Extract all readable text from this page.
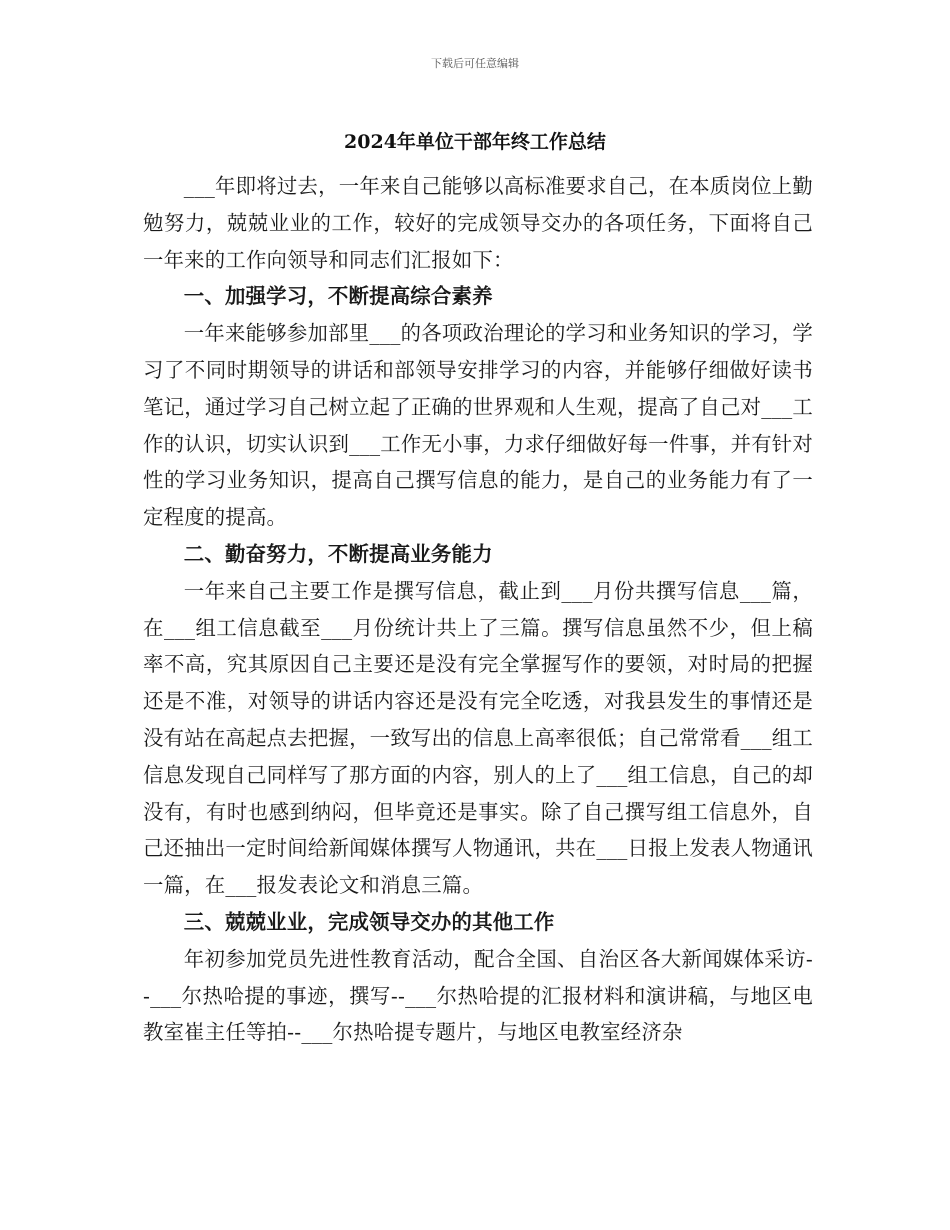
下载后可任意编辑
2024年单位干部年终工作总结

___年即将过去，一年来自己能够以高标准要求自己，在本质岗位上勤勉努力，兢兢业业的工作，较好的完成领导交办的各项任务，下面将自己一年来的工作向领导和同志们汇报如下：

一、加强学习，不断提高综合素养

一年来能够参加部里___的各项政治理论的学习和业务知识的学习，学习了不同时期领导的讲话和部领导安排学习的内容，并能够仔细做好读书笔记，通过学习自己树立起了正确的世界观和人生观，提高了自己对___工作的认识，切实认识到___工作无小事，力求仔细做好每一件事，并有针对性的学习业务知识，提高自己撰写信息的能力，是自己的业务能力有了一定程度的提高。

二、勤奋努力，不断提高业务能力

一年来自己主要工作是撰写信息，截止到___月份共撰写信息___篇，在___组工信息截至___月份统计共上了三篇。撰写信息虽然不少，但上稿率不高，究其原因自己主要还是没有完全掌握写作的要领，对时局的把握还是不准，对领导的讲话内容还是没有完全吃透，对我县发生的事情还是没有站在高起点去把握，一致写出的信息上高率很低；自己常常看___组工信息发现自己同样写了那方面的内容，别人的上了___组工信息，自己的却没有，有时也感到纳闷，但毕竟还是事实。除了自己撰写组工信息外，自己还抽出一定时间给新闻媒体撰写人物通讯，共在___日报上发表人物通讯一篇，在___报发表论文和消息三篇。

三、兢兢业业，完成领导交办的其他工作

年初参加党员先进性教育活动，配合全国、自治区各大新闻媒体采访--___尔热哈提的事迹，撰写--___尔热哈提的汇报材料和演讲稿，与地区电教室崔主任等拍--___尔热哈提专题片，与地区电教室经济杂
